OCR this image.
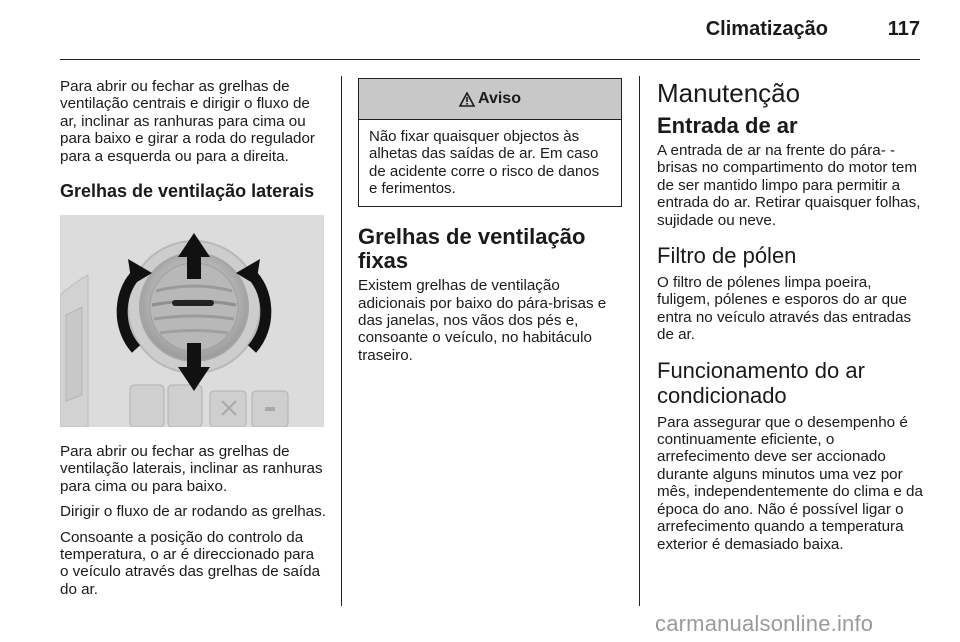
Climatização	117

Para abrir ou fechar as grelhas de ventilação centrais e dirigir o fluxo de ar, inclinar as ranhuras para cima ou para baixo e girar a roda do regulador para a esquerda ou para a direita.

Grelhas de ventilação laterais

Para abrir ou fechar as grelhas de ventilação laterais, inclinar as ranhuras para cima ou para baixo.

Dirigir o fluxo de ar rodando as grelhas.

Consoante a posição do controlo da temperatura, o ar é direccionado para o veículo através das grelhas de saída do ar.

Aviso

Não fixar quaisquer objectos às alhetas das saídas de ar. Em caso de acidente corre o risco de danos e ferimentos.

Grelhas de ventilação fixas

Existem grelhas de ventilação adicionais por baixo do pára-brisas e das janelas, nos vãos dos pés e, consoante o veículo, no habitáculo traseiro.

Manutenção
Entrada de ar

A entrada de ar na frente do pára- -brisas no compartimento do motor tem de ser mantido limpo para permitir a entrada do ar. Retirar quaisquer folhas, sujidade ou neve.

Filtro de pólen

O filtro de pólenes limpa poeira, fuligem, pólenes e esporos do ar que entra no veículo através das entradas de ar.

Funcionamento do ar condicionado

Para assegurar que o desempenho é continuamente eficiente, o arrefecimento deve ser accionado durante alguns minutos uma vez por mês, independentemente do clima e da época do ano. Não é possível ligar o arrefecimento quando a temperatura exterior é demasiado baixa.

carmanualsonline.info
